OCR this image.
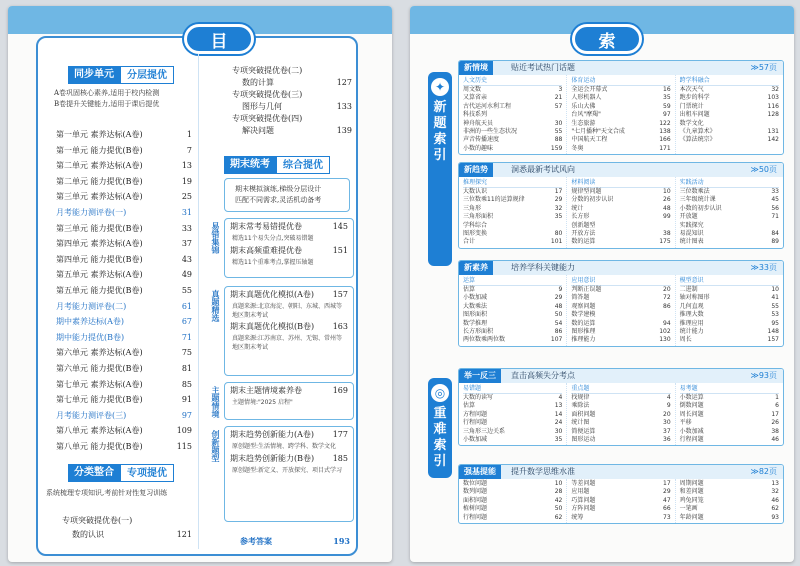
目 录
同步单元	分层提优
A卷巩固核心素养,适用于校内检测
B卷提升关键能力,适用于课后提优
分类整合	专项提优
系统梳理专项知识,考前针对性复习训练
专项突破提优卷(一)
数的认识	121
期末统考	综合提优
期末模拟演练,梯级分层设计
匹配不同需求,灵活机动备考
参考答案	193
第一单元 素养达标(A卷)	1
第一单元 能力提优(B卷)	7
第二单元 素养达标(A卷)	13
第二单元 能力提优(B卷)	19
第三单元 素养达标(A卷)	25
月考能力测评卷(一)	31
第三单元 能力提优(B卷)	33
第四单元 素养达标(A卷)	37
第四单元 能力提优(B卷)	43
第五单元 素养达标(A卷)	49
第五单元 能力提优(B卷)	55
月考能力测评卷(二)	61
期中素养达标(A卷)	67
期中能力提优(B卷)	71
第六单元 素养达标(A卷)	75
第六单元 能力提优(B卷)	81
第七单元 素养达标(A卷)	85
第七单元 能力提优(B卷)	91
月考能力测评卷(三)	97
第八单元 素养达标(A卷)	109
第八单元 能力提优(B卷)	115
专项突破提优卷(二)
数的计算	127
专项突破提优卷(三)
图形与几何	133
专项突破提优卷(四)
解决问题	139
易错集锦 期末常考易错提优卷	145
精选11个易失分点,突破易错题
期末高频重难提优卷	151
精选11个重难考点,掌握压轴题
真题精选 期末真题优化模拟(A卷) 157
真题来源:北京海淀、朝阳、东城、西城等地区期末考试
期末真题优化模拟(B卷) 163
真题来源:江苏南京、苏州、无锡、常州等地区期末考试
主题情境 期末主题情境素养卷	169
主题情境:"2025 启程"
创新题型 期末趋势创新能力(A卷) 177
原创题型:生活情境、跨学科、数学文化
期末趋势创新能力(B卷) 185
原创题型:新定义、开放探究、项目式学习
索
✦
新
题
索
引
◎
重
难
索
引
新情境	贴近考试热门话题	≫57页
人文历史
周文数	3
又算省亲	21
古代运河水利工程	57
科技系列
神舟航天员	30
非洲的一些生态状况	55
声音传播速度	88
小数的趣味	159
体育运动
全运会开幕式	16
人形机器人	35
乐山大佛	59
台风"摩羯"	97
生态旅游	122
"七月播种"天文合成	138
中国航天工程	166
冬奥	171
跨学科融合
本次天气	32
跑步的科学	103
门票统计	116
出租车问题	128
数学文化
《九章算术》	131
《算法统宗》	142
新趋势	洞悉最新考试风向	≫50页
推理探究
大数认识	17
三位数乘11的运算规律	29
三角形	32
三角形面积	35
学科综合
图形变换	80
合计	101
材料阅读
规律型问题	10
分数的初步认识	26
统计	48
长方形	99
创新题型
开放方法	38
数的运算	175
实践活动
三位数乘法	33
三年级统计课	45
小数的初步认识	56
开放题	71
实践探究
易混知识	84
统计图表	89
新素养	培养学科关键能力	≫33页
运算
估算	9
小数加减	29
大数乘法	48
图形面积	50
数学推理	54
长方形面积	86
两位数乘两位数	107
应用意识
判断正误题	20
简答题	72
观察问题	86
数学建模
数的运算	94
图形推理	102
推理能力	130
模型意识
二进制	10
轴对称图形	41
几何直观	55
推理大数	53
推理应用	95
统计能力	148
周长	157
举一反三	直击高频失分考点	≫93页
易错题
大数的读写	4
估算	13
方程问题	14
行程问题	24
三角形三边关系	30
小数加减	35
重点题
找规律	4
乘除法	9
面积问题	20
统计图	30
简便运算	37
图形运动	36
易考题
小数运算	1
倒数问题	6
周长问题	17
平移	26
小数加减	38
行程问题	46
强基提能	提升数学思维水准	≫82页
数位问题	10
数列问题	28
面积问题	42
植树问题	50
行程问题	62
等差问题	17
应用题	29
巧算问题	47
方阵问题	66
统筹	73
周期问题	13
和差问题	32
鸡兔同笼	46
一笔画	62
年龄问题	93
